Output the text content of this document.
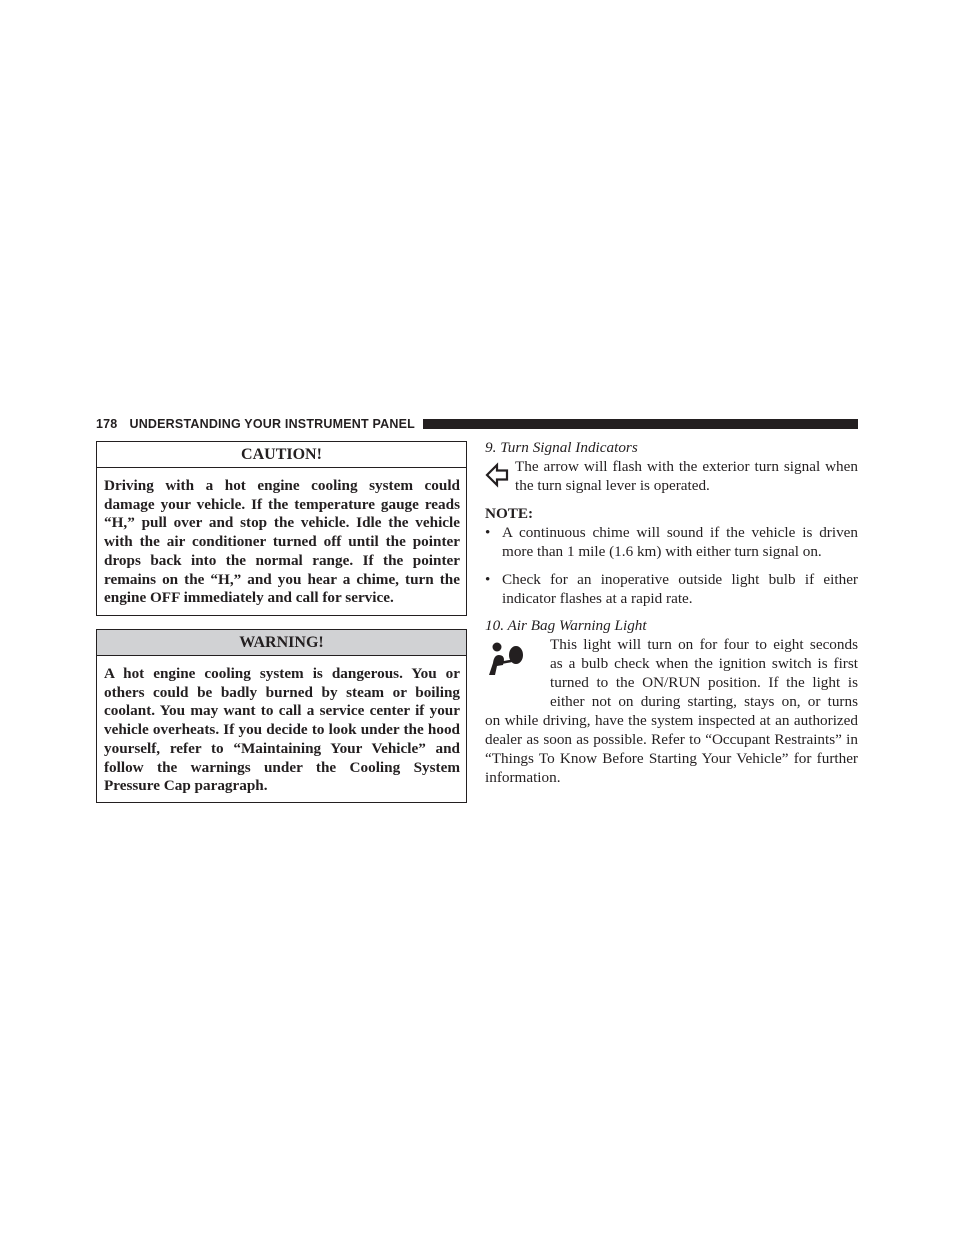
178 UNDERSTANDING YOUR INSTRUMENT PANEL
CAUTION!
Driving with a hot engine cooling system could damage your vehicle. If the temperature gauge reads “H,” pull over and stop the vehicle. Idle the vehicle with the air conditioner turned off until the pointer drops back into the normal range. If the pointer remains on the “H,” and you hear a chime, turn the engine OFF immediately and call for service.
WARNING!
A hot engine cooling system is dangerous. You or others could be badly burned by steam or boiling coolant. You may want to call a service center if your vehicle overheats. If you decide to look under the hood yourself, refer to “Maintaining Your Vehicle” and follow the warnings under the Cooling System Pressure Cap paragraph.
9. Turn Signal Indicators
The arrow will flash with the exterior turn signal when the turn signal lever is operated.
NOTE:
• A continuous chime will sound if the vehicle is driven more than 1 mile (1.6 km) with either turn signal on.
• Check for an inoperative outside light bulb if either indicator flashes at a rapid rate.
10. Air Bag Warning Light
This light will turn on for four to eight seconds
as a bulb check when the ignition switch is first
turned to the ON/RUN position. If the light is
either not on during starting, stays on, or turns
on while driving, have the system inspected at an authorized dealer as soon as possible. Refer to “Occupant Restraints” in “Things To Know Before Starting Your Vehicle” for further information.
